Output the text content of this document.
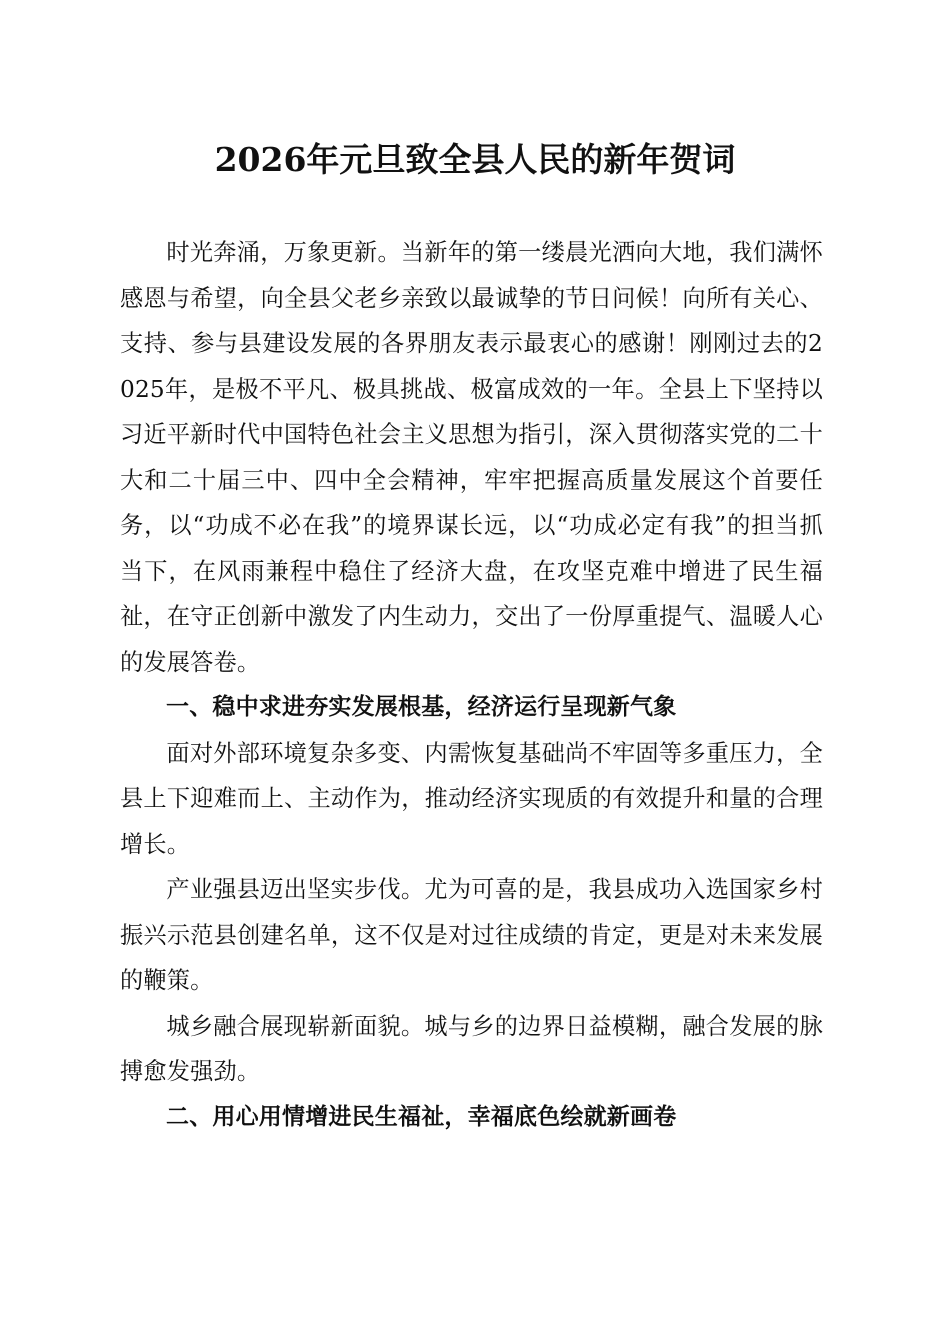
2026年元旦致全县人民的新年贺词

时光奔涌，万象更新。当新年的第一缕晨光洒向大地，我们满怀感恩与希望，向全县父老乡亲致以最诚挚的节日问候！向所有关心、支持、参与县建设发展的各界朋友表示最衷心的感谢！刚刚过去的2025年，是极不平凡、极具挑战、极富成效的一年。全县上下坚持以习近平新时代中国特色社会主义思想为指引，深入贯彻落实党的二十大和二十届三中、四中全会精神，牢牢把握高质量发展这个首要任务，以“功成不必在我”的境界谋长远，以“功成必定有我”的担当抓当下，在风雨兼程中稳住了经济大盘，在攻坚克难中增进了民生福祉，在守正创新中激发了内生动力，交出了一份厚重提气、温暖人心的发展答卷。

一、稳中求进夯实发展根基，经济运行呈现新气象

面对外部环境复杂多变、内需恢复基础尚不牢固等多重压力，全县上下迎难而上、主动作为，推动经济实现质的有效提升和量的合理增长。

产业强县迈出坚实步伐。尤为可喜的是，我县成功入选国家乡村振兴示范县创建名单，这不仅是对过往成绩的肯定，更是对未来发展的鞭策。

城乡融合展现崭新面貌。城与乡的边界日益模糊，融合发展的脉搏愈发强劲。

二、用心用情增进民生福祉，幸福底色绘就新画卷
